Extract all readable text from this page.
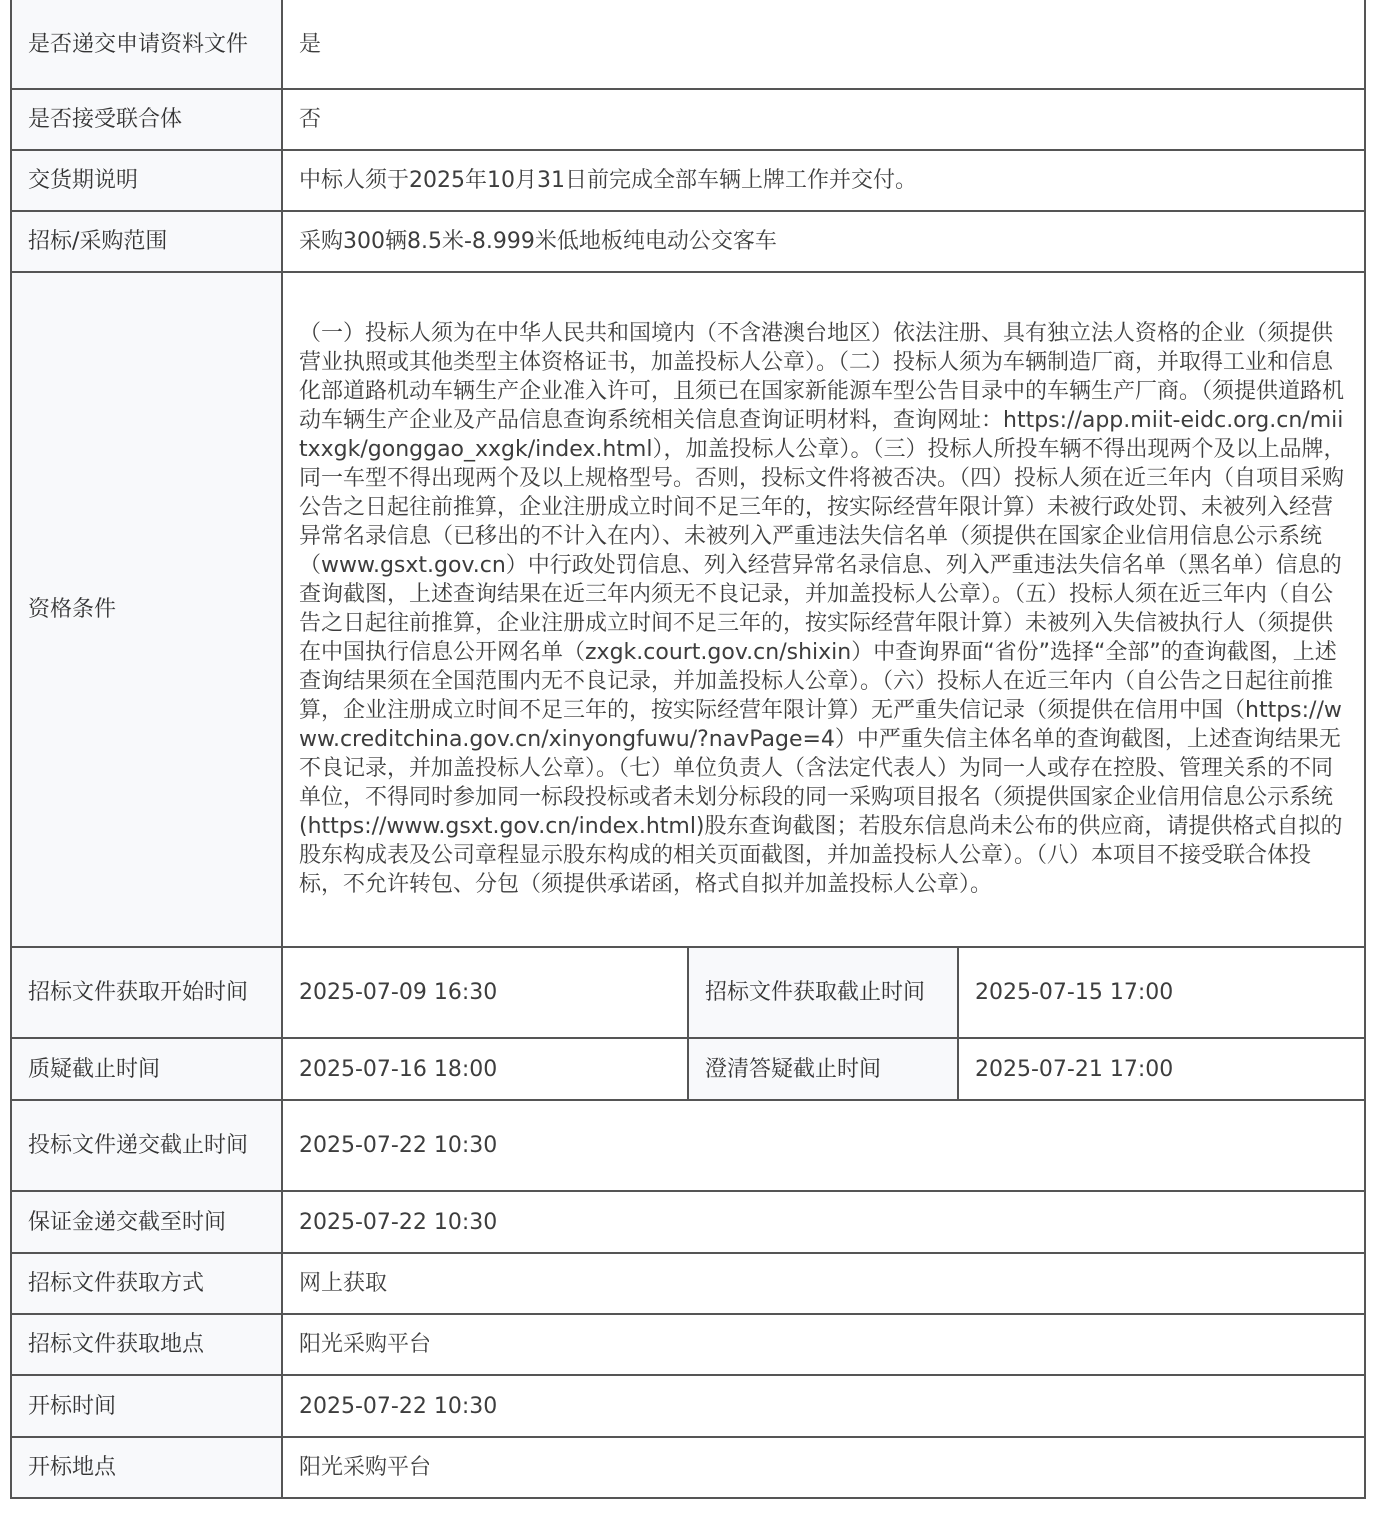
是否递交申请资料文件	是		
是否接受联合体	否		
交货期说明	中标人须于2025年10月31日前完成全部车辆上牌工作并交付。		
招标/采购范围	采购300辆8.5米-8.999米低地板纯电动公交客车		
资格条件	（一）投标人须为在中华人民共和国境内（不含港澳台地区）依法注册、具有独立法人资格的企业（须提供营业执照或其他类型主体资格证书，加盖投标人公章）。（二）投标人须为车辆制造厂商，并取得工业和信息化部道路机动车辆生产企业准入许可，且须已在国家新能源车型公告目录中的车辆生产厂商。（须提供道路机动车辆生产企业及产品信息查询系统相关信息查询证明材料，查询网址：https://app.miit-eidc.org.cn/miitxxgk/gonggao_xxgk/index.html），加盖投标人公章）。（三）投标人所投车辆不得出现两个及以上品牌，同一车型不得出现两个及以上规格型号。否则，投标文件将被否决。（四）投标人须在近三年内（自项目采购公告之日起往前推算，企业注册成立时间不足三年的，按实际经营年限计算）未被行政处罚、未被列入经营异常名录信息（已移出的不计入在内）、未被列入严重违法失信名单（须提供在国家企业信用信息公示系统（www.gsxt.gov.cn）中行政处罚信息、列入经营异常名录信息、列入严重违法失信名单（黑名单）信息的查询截图，上述查询结果在近三年内须无不良记录，并加盖投标人公章）。（五）投标人须在近三年内（自公告之日起往前推算，企业注册成立时间不足三年的，按实际经营年限计算）未被列入失信被执行人（须提供在中国执行信息公开网名单（zxgk.court.gov.cn/shixin）中查询界面“省份”选择“全部”的查询截图，上述查询结果须在全国范围内无不良记录，并加盖投标人公章）。（六）投标人在近三年内（自公告之日起往前推算，企业注册成立时间不足三年的，按实际经营年限计算）无严重失信记录（须提供在信用中国（https://www.creditchina.gov.cn/xinyongfuwu/?navPage=4）中严重失信主体名单的查询截图，上述查询结果无不良记录，并加盖投标人公章）。（七）单位负责人（含法定代表人）为同一人或存在控股、管理关系的不同单位，不得同时参加同一标段投标或者未划分标段的同一采购项目报名（须提供国家企业信用信息公示系统(https://www.gsxt.gov.cn/index.html)股东查询截图；若股东信息尚未公布的供应商，请提供格式自拟的股东构成表及公司章程显示股东构成的相关页面截图，并加盖投标人公章）。（八）本项目不接受联合体投标，不允许转包、分包（须提供承诺函，格式自拟并加盖投标人公章）。		
招标文件获取开始时间	2025-07-09 16:30	招标文件获取截止时间	2025-07-15 17:00
质疑截止时间	2025-07-16 18:00	澄清答疑截止时间	2025-07-21 17:00
投标文件递交截止时间	2025-07-22 10:30		
保证金递交截至时间	2025-07-22 10:30		
招标文件获取方式	网上获取		
招标文件获取地点	阳光采购平台		
开标时间	2025-07-22 10:30		
开标地点	阳光采购平台		
